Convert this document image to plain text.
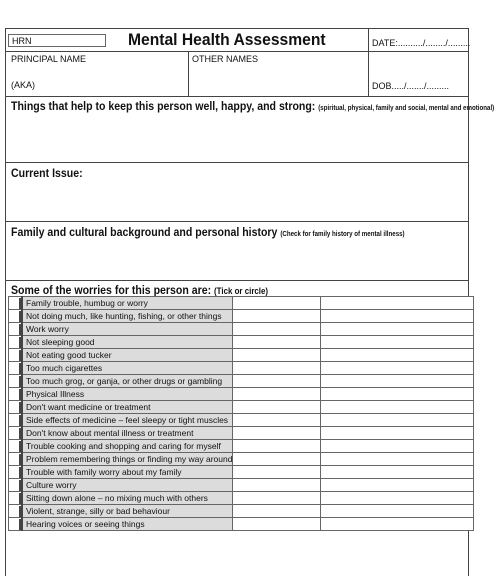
HRN	Mental Health Assessment	DATE:........../......../.........
PRINCIPAL NAME	OTHER NAMES
(AKA)	DOB...../......./.........
Things that help to keep this person well, happy, and strong: (spiritual, physical, family and social, mental and emotional)
Current Issue:
Family and cultural background and personal history (Check for family history of mental illness)
Some of the worries for this person are: (Tick or circle)
	Family trouble, humbug or worry		

	Not doing much, like hunting, fishing, or other things		

	Work worry		

	Not sleeping good		

	Not eating good tucker		

	Too much cigarettes		

	Too much grog, or ganja, or other drugs or gambling		

	Physical Illness		

	Don't want medicine or treatment		

	Side effects of medicine – feel sleepy or tight muscles		

	Don't know about mental illness or treatment		

	Trouble cooking and shopping and caring for myself		

	Problem remembering things or finding my way around		

	Trouble with family worry about my family		

	Culture worry		

	Sitting down alone – no mixing much with others		

	Violent, strange, silly or bad behaviour		

	Hearing voices or seeing things		
